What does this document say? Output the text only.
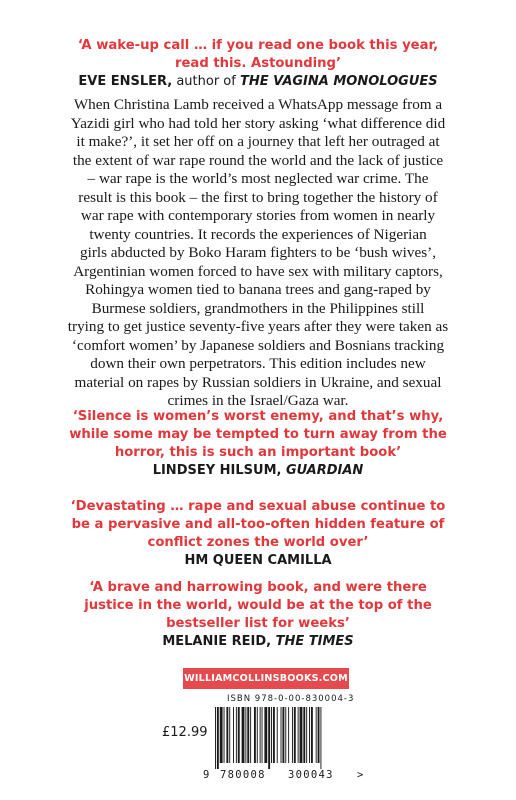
‘A wake-up call … if you read one book this year,
read this. Astounding’
EVE ENSLER, author of THE VAGINA MONOLOGUES
When Christina Lamb received a WhatsApp message from a
Yazidi girl who had told her story asking ‘what difference did
it make?’, it set her off on a journey that left her outraged at
the extent of war rape round the world and the lack of justice
– war rape is the world’s most neglected war crime. The
result is this book – the first to bring together the history of
war rape with contemporary stories from women in nearly
twenty countries. It records the experiences of Nigerian
girls abducted by Boko Haram fighters to be ‘bush wives’,
Argentinian women forced to have sex with military captors,
Rohingya women tied to banana trees and gang-raped by
Burmese soldiers, grandmothers in the Philippines still
trying to get justice seventy-five years after they were taken as
‘comfort women’ by Japanese soldiers and Bosnians tracking
down their own perpetrators. This edition includes new
material on rapes by Russian soldiers in Ukraine, and sexual
crimes in the Israel/Gaza war.
‘Silence is women’s worst enemy, and that’s why,
while some may be tempted to turn away from the
horror, this is such an important book’
LINDSEY HILSUM, GUARDIAN
‘Devastating … rape and sexual abuse continue to
be a pervasive and all-too-often hidden feature of
conflict zones the world over’
HM QUEEN CAMILLA
‘A brave and harrowing book, and were there
justice in the world, would be at the top of the
bestseller list for weeks’
MELANIE REID, THE TIMES
WILLIAMCOLLINSBOOKS.COM
ISBN 978-0-00-830004-3
£12.99
9 780008 300043 >
